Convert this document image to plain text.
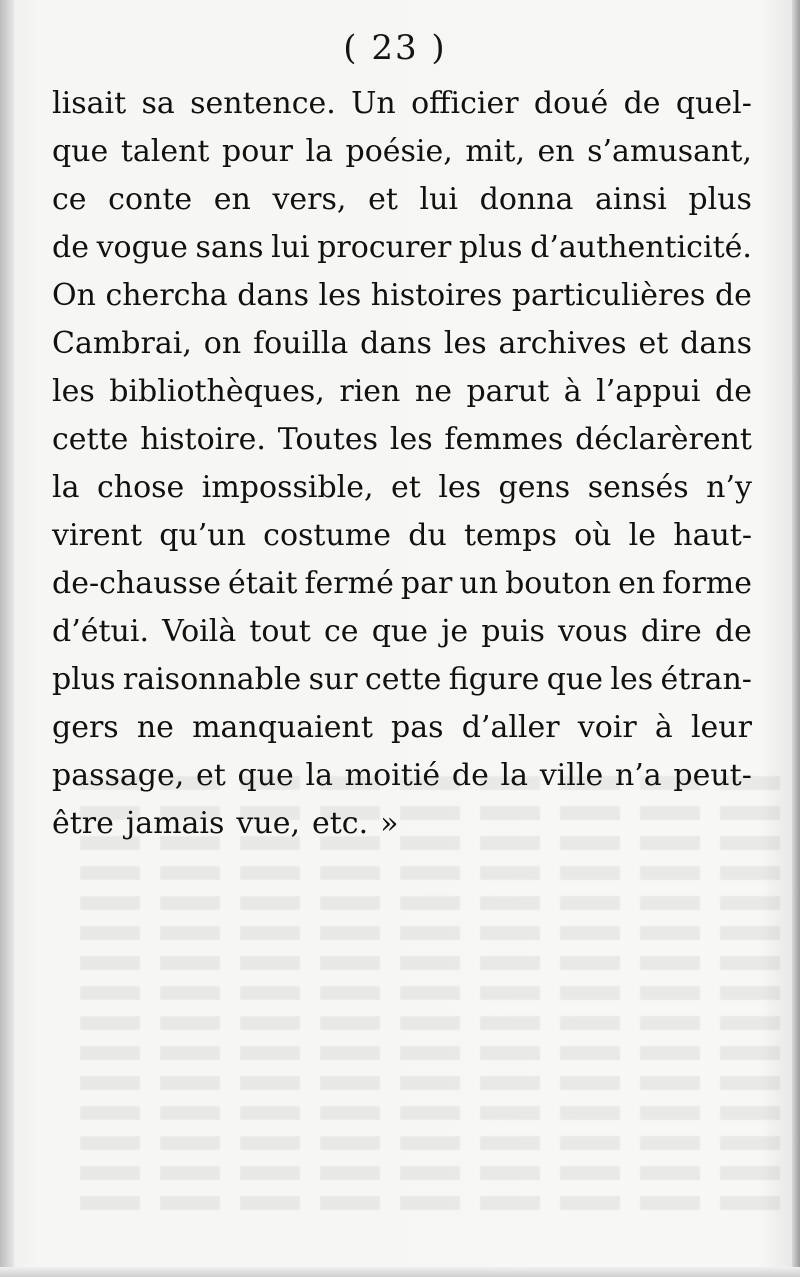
( 23 )
lisait sa sentence. Un officier doué de quel-
que talent pour la poésie, mit, en s’amusant,
ce conte en vers, et lui donna ainsi plus
de vogue sans lui procurer plus d’authenticité.
On chercha dans les histoires particulières de
Cambrai, on fouilla dans les archives et dans
les bibliothèques, rien ne parut à l’appui de
cette histoire. Toutes les femmes déclarèrent
la chose impossible, et les gens sensés n’y
virent qu’un costume du temps où le haut-
de-chausse était fermé par un bouton en forme
d’étui. Voilà tout ce que je puis vous dire de
plus raisonnable sur cette figure que les étran-
gers ne manquaient pas d’aller voir à leur
passage, et que la moitié de la ville n’a peut-
être jamais vue, etc. »
